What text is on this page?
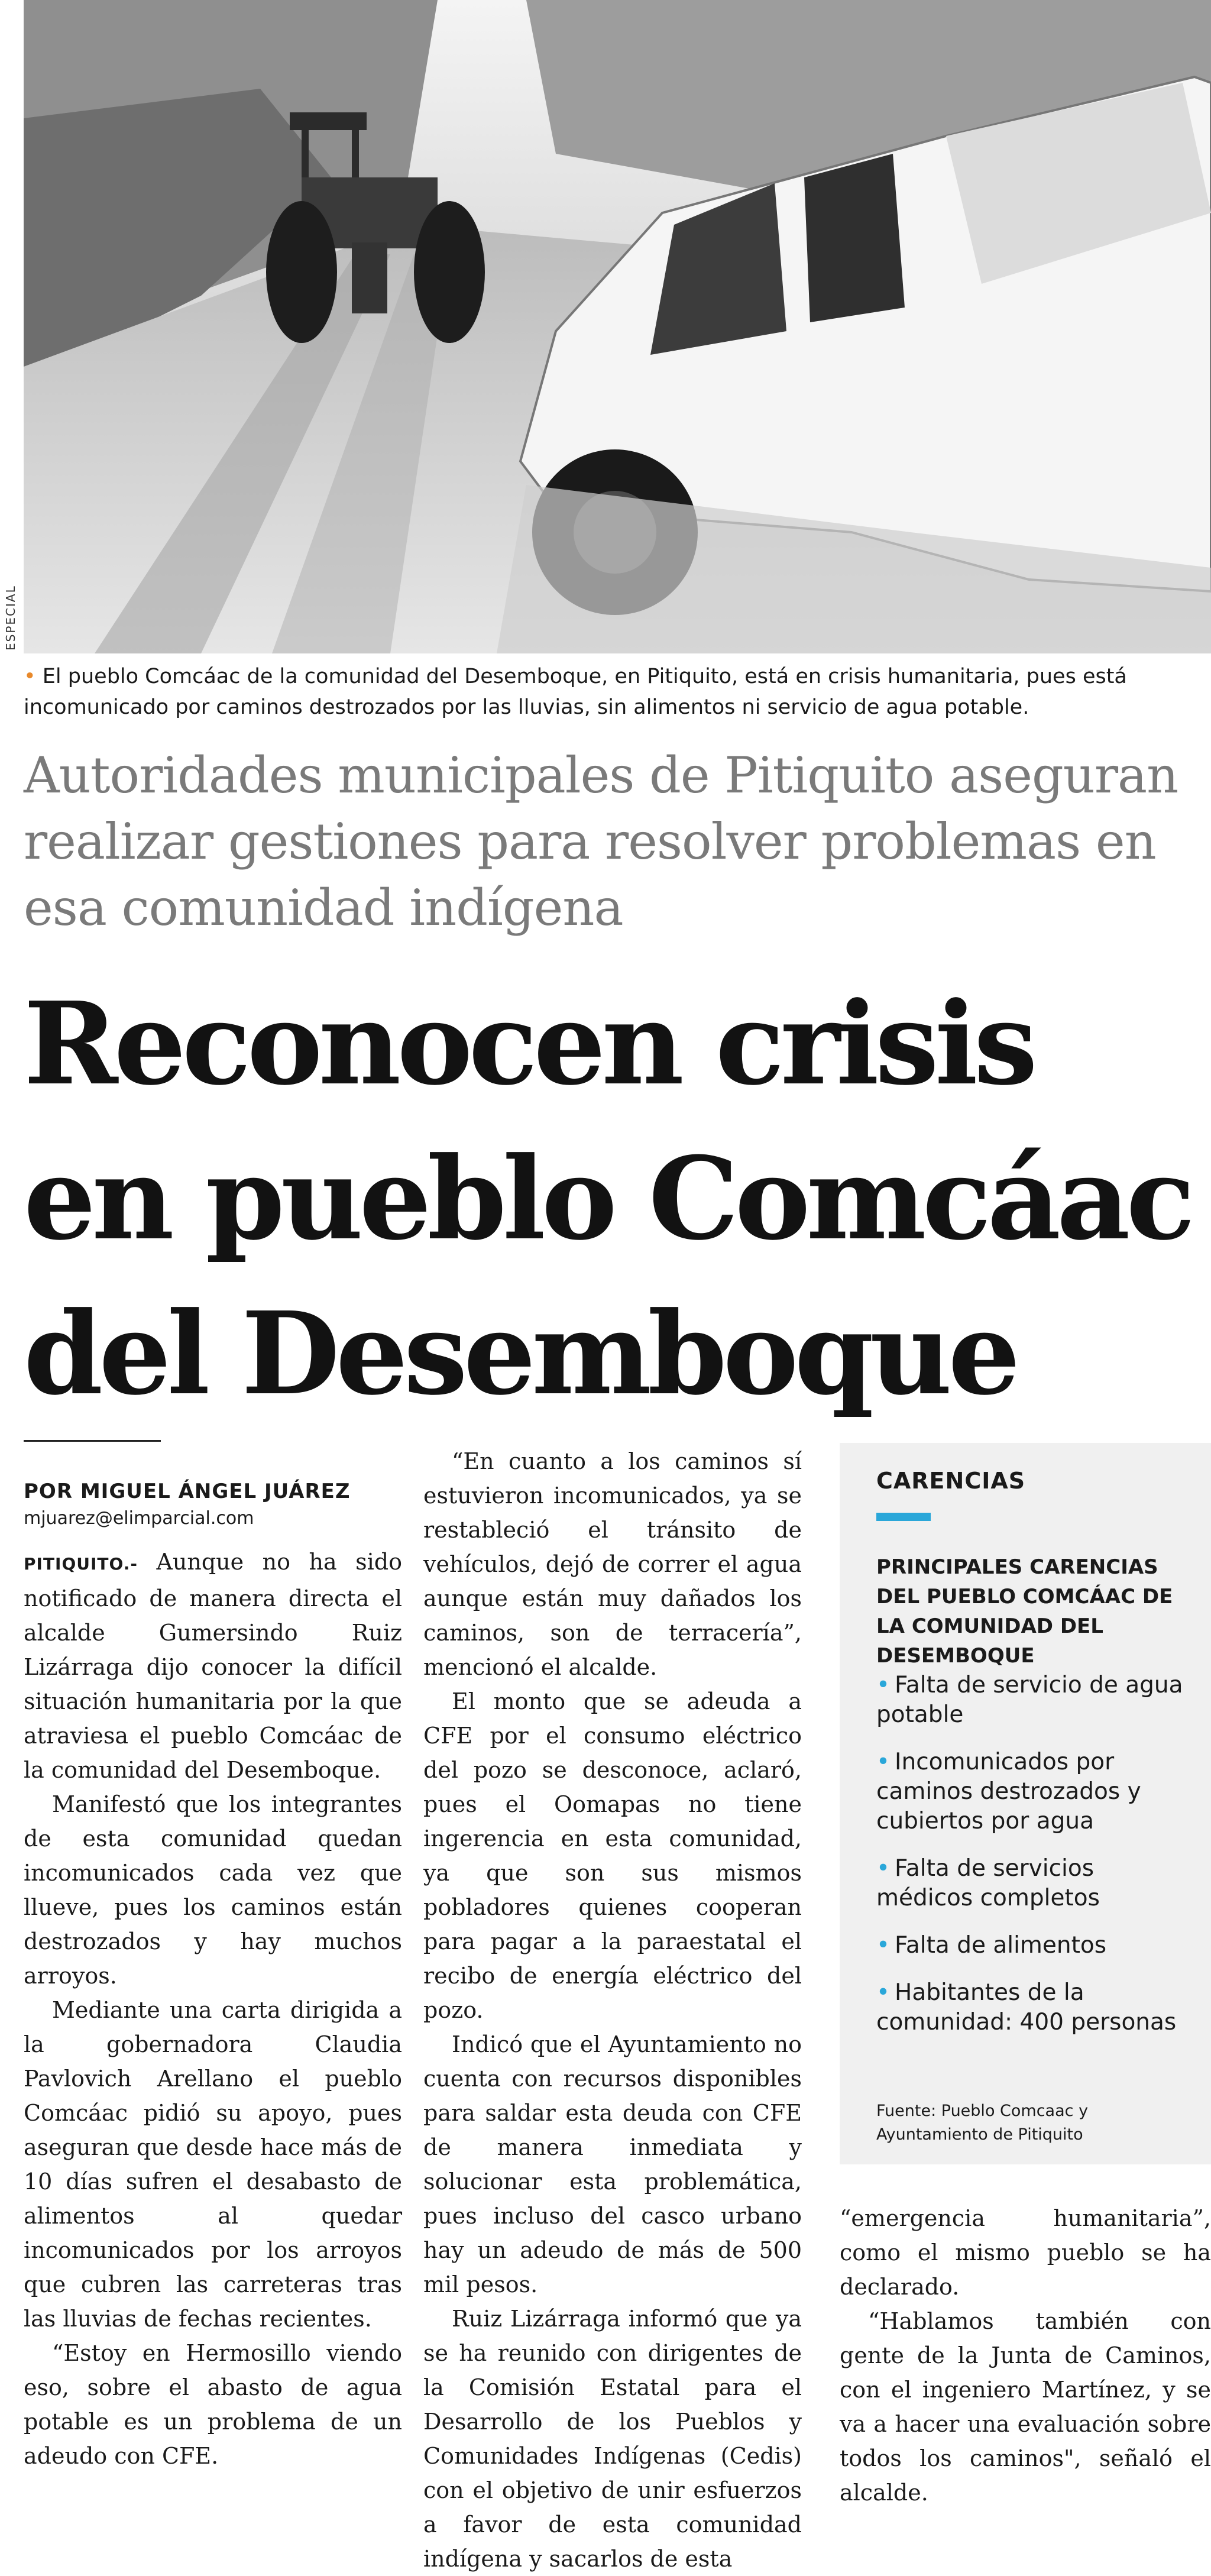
ESPECIAL
• El pueblo Comcáac de la comunidad del Desemboque, en Pitiquito, está en crisis humanitaria, pues está incomunicado por caminos destrozados por las lluvias, sin alimentos ni servicio de agua potable.
Autoridades municipales de Pitiquito aseguran realizar gestiones para resolver problemas en esa comunidad indígena
Reconocen crisis en pueblo Comcáac del Desemboque
POR MIGUEL ÁNGEL JUÁREZ
mjuarez@elimparcial.com

PITIQUITO.- Aunque no ha sido notificado de manera directa el alcalde Gumersindo Ruiz Lizárraga dijo conocer la difícil situación humanitaria por la que atraviesa el pueblo Comcáac de la comunidad del Desemboque.

Manifestó que los integrantes de esta comunidad quedan incomunicados cada vez que llueve, pues los caminos están destrozados y hay muchos arroyos.

Mediante una carta dirigida a la gobernadora Claudia Pavlovich Arellano el pueblo Comcáac pidió su apoyo, pues aseguran que desde hace más de 10 días sufren el desabasto de alimentos al quedar incomunicados por los arroyos que cubren las carreteras tras las lluvias de fechas recientes.

“Estoy en Hermosillo viendo eso, sobre el abasto de agua potable es un problema de un adeudo con CFE.

“En cuanto a los caminos sí estuvieron incomunicados, ya se restableció el tránsito de vehículos, dejó de correr el agua aunque están muy dañados los caminos, son de terracería”, mencionó el alcalde.

El monto que se adeuda a CFE por el consumo eléctrico del pozo se desconoce, aclaró, pues el Oomapas no tiene ingerencia en esta comunidad, ya que son sus mismos pobladores quienes cooperan para pagar a la paraestatal el recibo de energía eléctrico del pozo.

Indicó que el Ayuntamiento no cuenta con recursos disponibles para saldar esta deuda con CFE de manera inmediata y solucionar esta problemática, pues incluso del casco urbano hay un adeudo de más de 500 mil pesos.

Ruiz Lizárraga informó que ya se ha reunido con dirigentes de la Comisión Estatal para el Desarrollo de los Pueblos y Comunidades Indígenas (Cedis) con el objetivo de unir esfuerzos a favor de esta comunidad indígena y sacarlos de esta

CARENCIAS
PRINCIPALES CARENCIAS DEL PUEBLO COMCÁAC DE LA COMUNIDAD DEL DESEMBOQUE
• Falta de servicio de agua potable
• Incomunicados por caminos destrozados y cubiertos por agua
• Falta de servicios médicos completos
• Falta de alimentos
• Habitantes de la comunidad: 400 personas
Fuente: Pueblo Comcaac y Ayuntamiento de Pitiquito

“emergencia humanitaria”, como el mismo pueblo se ha declarado.

“Hablamos también con gente de la Junta de Caminos, con el ingeniero Martínez, y se va a hacer una evaluación sobre todos los caminos", señaló el alcalde.
